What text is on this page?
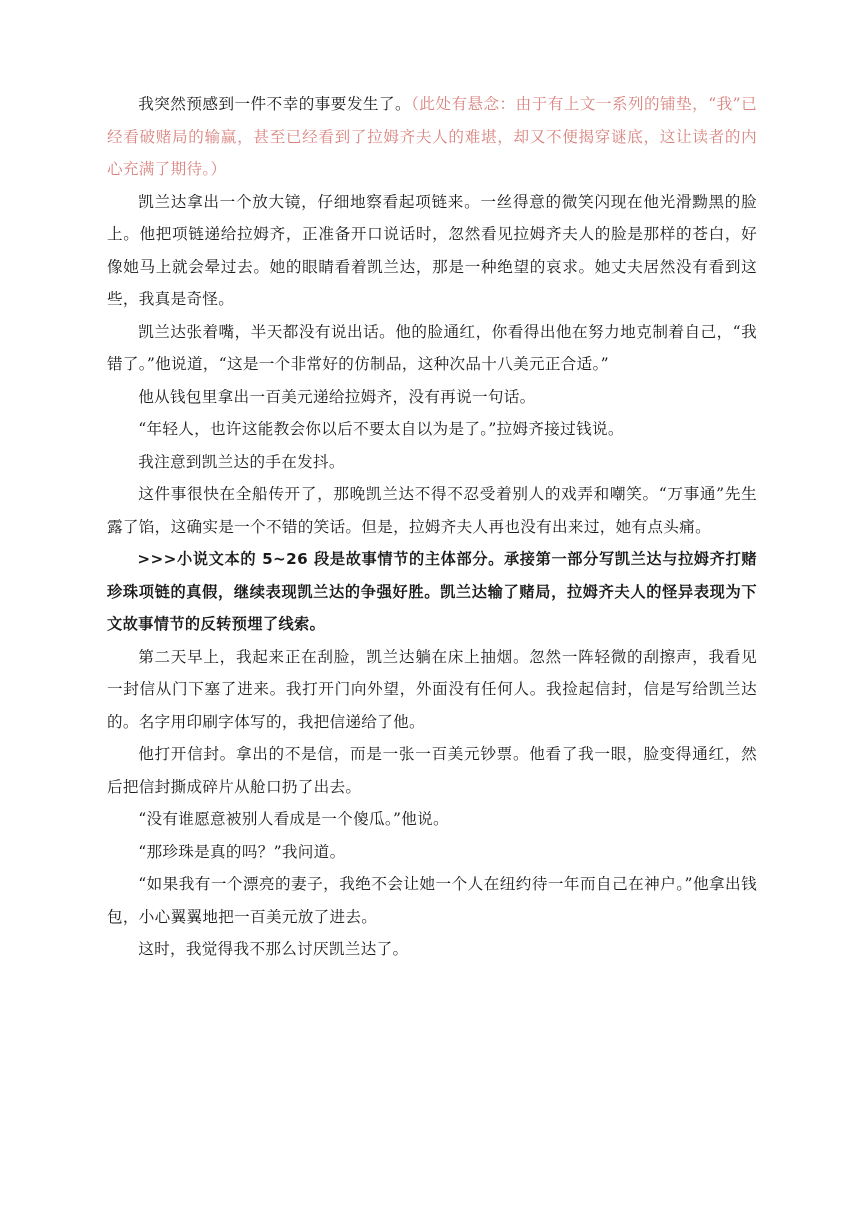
我突然预感到一件不幸的事要发生了。（此处有悬念：由于有上文一系列的铺垫，“我”已经看破赌局的输赢，甚至已经看到了拉姆齐夫人的难堪，却又不便揭穿谜底，这让读者的内心充满了期待。）

凯兰达拿出一个放大镜，仔细地察看起项链来。一丝得意的微笑闪现在他光滑黝黑的脸上。他把项链递给拉姆齐，正准备开口说话时，忽然看见拉姆齐夫人的脸是那样的苍白，好像她马上就会晕过去。她的眼睛看着凯兰达，那是一种绝望的哀求。她丈夫居然没有看到这些，我真是奇怪。

凯兰达张着嘴，半天都没有说出话。他的脸通红，你看得出他在努力地克制着自己，“我错了。”他说道，“这是一个非常好的仿制品，这种次品十八美元正合适。”

他从钱包里拿出一百美元递给拉姆齐，没有再说一句话。

“年轻人，也许这能教会你以后不要太自以为是了。”拉姆齐接过钱说。

我注意到凯兰达的手在发抖。

这件事很快在全船传开了，那晚凯兰达不得不忍受着别人的戏弄和嘲笑。“万事通”先生露了馅，这确实是一个不错的笑话。但是，拉姆齐夫人再也没有出来过，她有点头痛。

>>>小说文本的 5~26 段是故事情节的主体部分。承接第一部分写凯兰达与拉姆齐打赌珍珠项链的真假，继续表现凯兰达的争强好胜。凯兰达输了赌局，拉姆齐夫人的怪异表现为下文故事情节的反转预埋了线索。

第二天早上，我起来正在刮脸，凯兰达躺在床上抽烟。忽然一阵轻微的刮擦声，我看见一封信从门下塞了进来。我打开门向外望，外面没有任何人。我捡起信封，信是写给凯兰达的。名字用印刷字体写的，我把信递给了他。

他打开信封。拿出的不是信，而是一张一百美元钞票。他看了我一眼，脸变得通红，然后把信封撕成碎片从舱口扔了出去。

“没有谁愿意被别人看成是一个傻瓜。”他说。

“那珍珠是真的吗？”我问道。

“如果我有一个漂亮的妻子，我绝不会让她一个人在纽约待一年而自己在神户。”他拿出钱包，小心翼翼地把一百美元放了进去。

这时，我觉得我不那么讨厌凯兰达了。
